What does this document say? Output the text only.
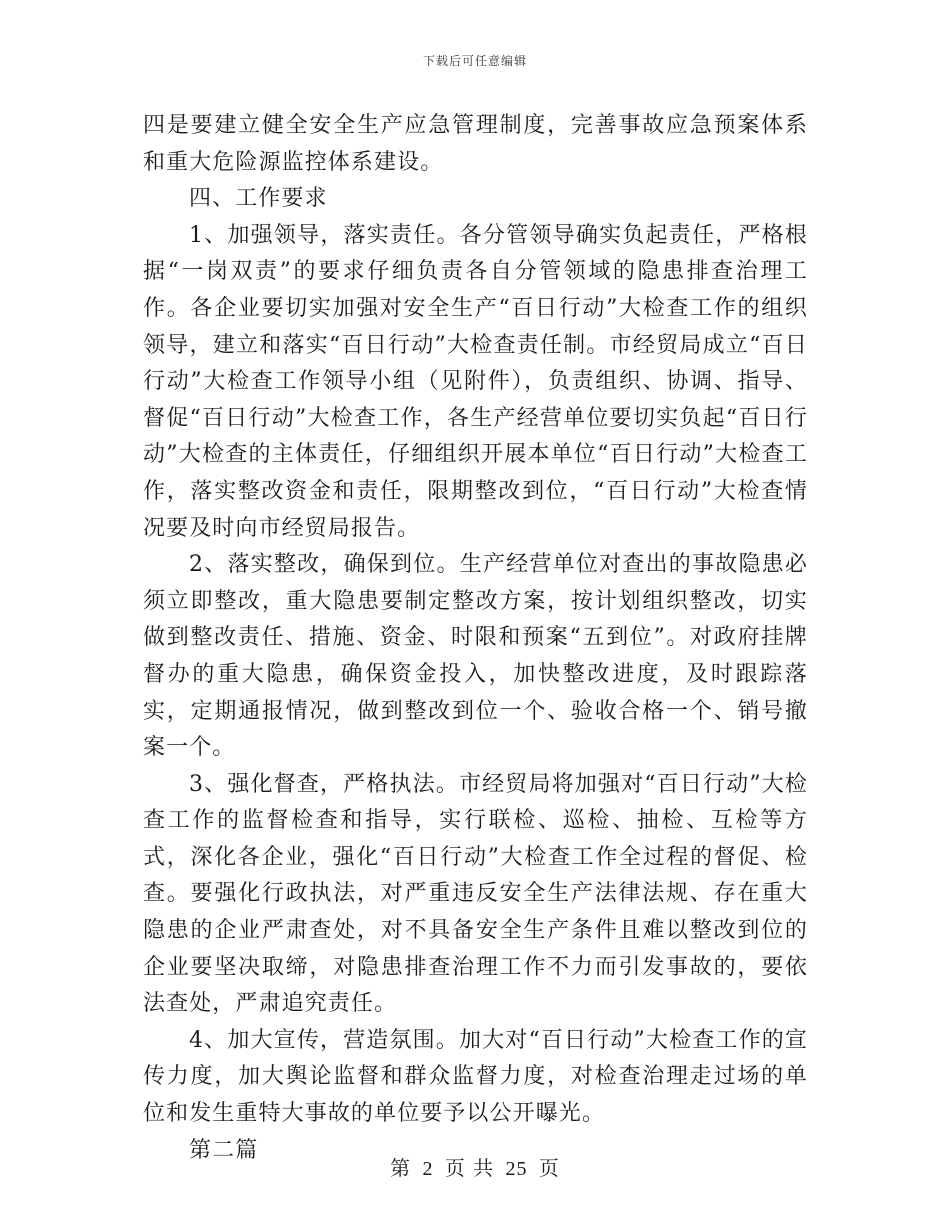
下载后可任意编辑

四是要建立健全安全生产应急管理制度，完善事故应急预案体系和重大危险源监控体系建设。

四、工作要求

1、加强领导，落实责任。各分管领导确实负起责任，严格根据“一岗双责”的要求仔细负责各自分管领域的隐患排查治理工作。各企业要切实加强对安全生产“百日行动”大检查工作的组织领导，建立和落实“百日行动”大检查责任制。市经贸局成立“百日行动”大检查工作领导小组（见附件），负责组织、协调、指导、督促“百日行动”大检查工作，各生产经营单位要切实负起“百日行动”大检查的主体责任，仔细组织开展本单位“百日行动”大检查工作，落实整改资金和责任，限期整改到位，“百日行动”大检查情况要及时向市经贸局报告。

2、落实整改，确保到位。生产经营单位对查出的事故隐患必须立即整改，重大隐患要制定整改方案，按计划组织整改，切实做到整改责任、措施、资金、时限和预案“五到位”。对政府挂牌督办的重大隐患，确保资金投入，加快整改进度，及时跟踪落实，定期通报情况，做到整改到位一个、验收合格一个、销号撤案一个。

3、强化督查，严格执法。市经贸局将加强对“百日行动”大检查工作的监督检查和指导，实行联检、巡检、抽检、互检等方式，深化各企业，强化“百日行动”大检查工作全过程的督促、检查。要强化行政执法，对严重违反安全生产法律法规、存在重大隐患的企业严肃查处，对不具备安全生产条件且难以整改到位的企业要坚决取缔，对隐患排查治理工作不力而引发事故的，要依法查处，严肃追究责任。

4、加大宣传，营造氛围。加大对“百日行动”大检查工作的宣传力度，加大舆论监督和群众监督力度，对检查治理走过场的单位和发生重特大事故的单位要予以公开曝光。

第二篇

第 2 页 共 25 页
